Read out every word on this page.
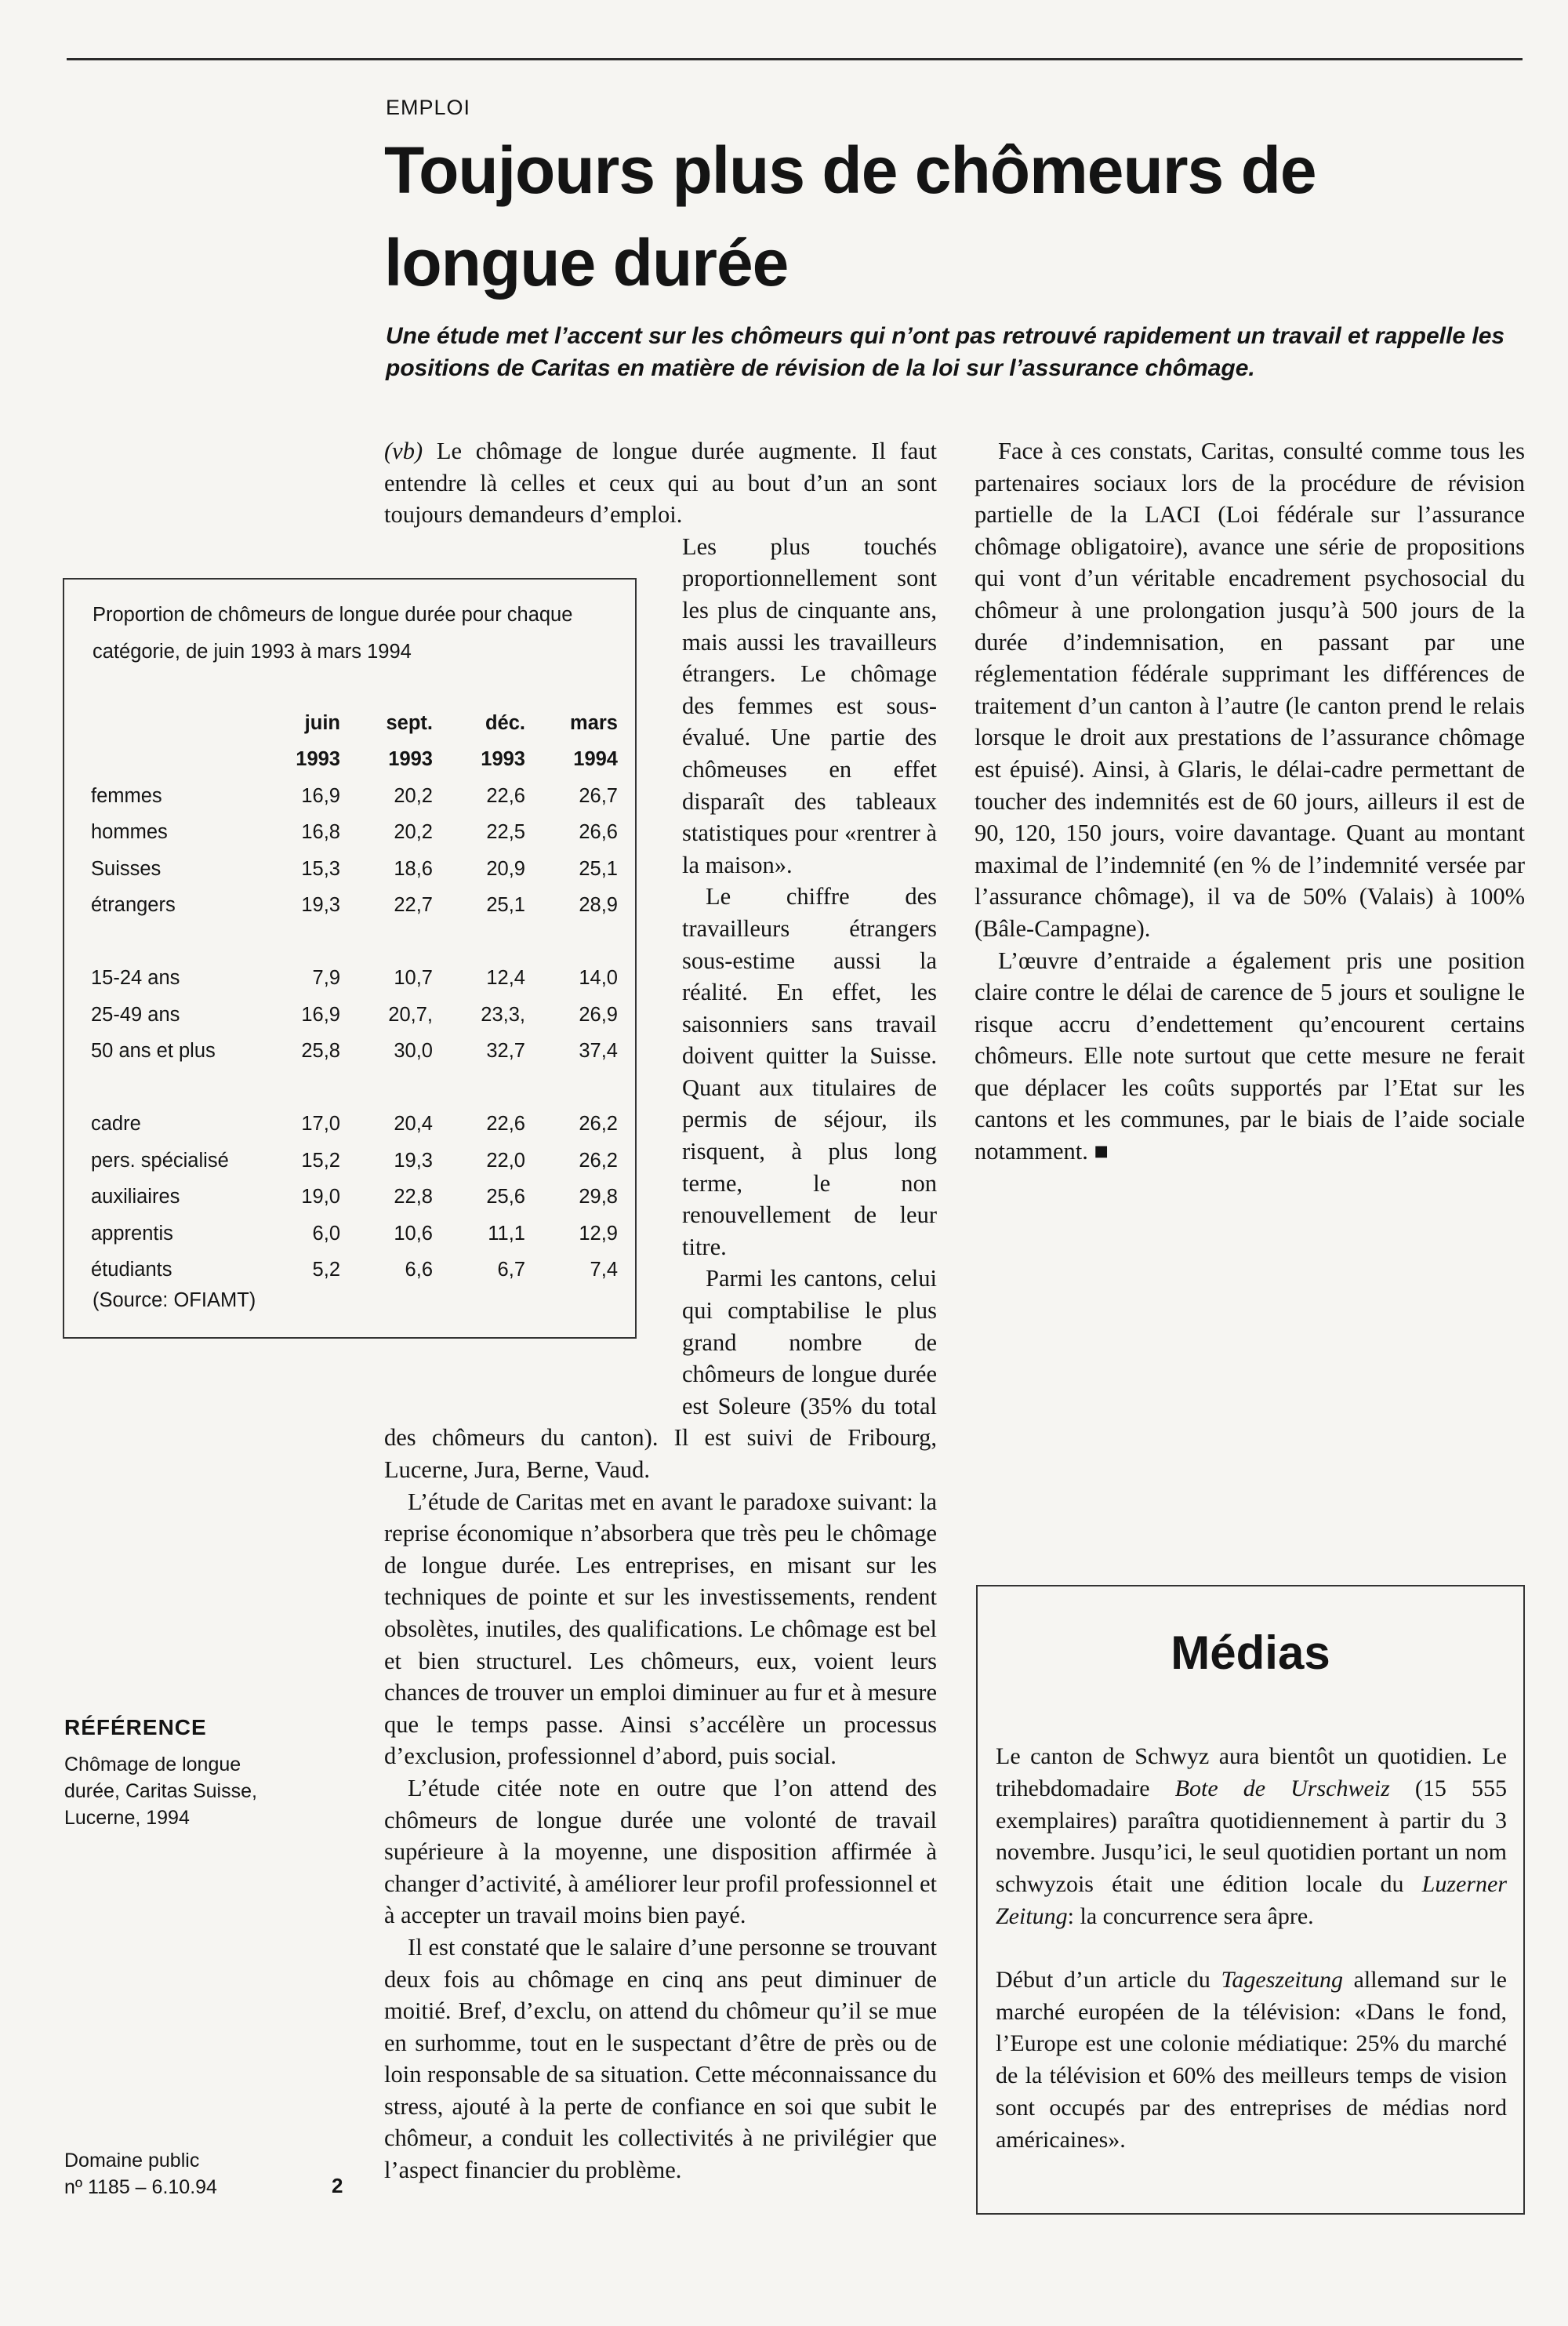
EMPLOI
Toujours plus de chômeurs de longue durée

Une étude met l’accent sur les chômeurs qui n’ont pas retrouvé rapidement un travail et rappelle les positions de Caritas en matière de révision de la loi sur l’assurance chômage.

(vb) Le chômage de longue durée augmente. Il faut entendre là celles et ceux qui au bout d’un an sont toujours demandeurs d’emploi.

Les plus touchés proportionnellement sont les plus de cinquante ans, mais aussi les travailleurs étrangers. Le chômage des femmes est sous-évalué. Une partie des chômeuses en effet disparaît des tableaux statistiques pour «rentrer à la maison».

Le chiffre des travailleurs étrangers sous-estime aussi la réalité. En effet, les saisonniers sans travail doivent quitter la Suisse. Quant aux titulaires de permis de séjour, ils risquent, à plus long terme, le non renouvellement de leur titre.

Parmi les cantons, celui qui comptabilise le plus grand nombre de chômeurs de longue durée est Soleure (35% du total des chômeurs du canton). Il est suivi de Fribourg, Lucerne, Jura, Berne, Vaud.

L’étude de Caritas met en avant le paradoxe suivant: la reprise économique n’absorbera que très peu le chômage de longue durée. Les entreprises, en misant sur les techniques de pointe et sur les investissements, rendent obsolètes, inutiles, des qualifications. Le chômage est bel et bien structurel. Les chômeurs, eux, voient leurs chances de trouver un emploi diminuer au fur et à mesure que le temps passe. Ainsi s’accélère un processus d’exclusion, professionnel d’abord, puis social.

L’étude citée note en outre que l’on attend des chômeurs de longue durée une volonté de travail supérieure à la moyenne, une disposition affirmée à changer d’activité, à améliorer leur profil professionnel et à accepter un travail moins bien payé.

Il est constaté que le salaire d’une personne se trouvant deux fois au chômage en cinq ans peut diminuer de moitié. Bref, d’exclu, on attend du chômeur qu’il se mue en surhomme, tout en le suspectant d’être de près ou de loin responsable de sa situation. Cette méconnaissance du stress, ajouté à la perte de confiance en soi que subit le chômeur, a conduit les collectivités à ne privilégier que l’aspect financier du problème.

Face à ces constats, Caritas, consulté comme tous les partenaires sociaux lors de la procédure de révision partielle de la LACI (Loi fédérale sur l’assurance chômage obligatoire), avance une série de propositions qui vont d’un véritable encadrement psychosocial du chômeur à une prolongation jusqu’à 500 jours de la durée d’indemnisation, en passant par une réglementation fédérale supprimant les différences de traitement d’un canton à l’autre (le canton prend le relais lorsque le droit aux prestations de l’assurance chômage est épuisé). Ainsi, à Glaris, le délai-cadre permettant de toucher des indemnités est de 60 jours, ailleurs il est de 90, 120, 150 jours, voire davantage. Quant au montant maximal de l’indemnité (en % de l’indemnité versée par l’assurance chômage), il va de 50% (Valais) à 100% (Bâle-Campagne).

L’œuvre d’entraide a également pris une position claire contre le délai de carence de 5 jours et souligne le risque accru d’endettement qu’encourent certains chômeurs. Elle note surtout que cette mesure ne ferait que déplacer les coûts supportés par l’Etat sur les cantons et les communes, par le biais de l’aide sociale notamment. ■

Proportion de chômeurs de longue durée pour chaque catégorie, de juin 1993 à mars 1994
	juin	sept.	déc.	mars
	1993	1993	1993	1994
femmes	16,9	20,2	22,6	26,7
hommes	16,8	20,2	22,5	26,6
Suisses	15,3	18,6	20,9	25,1
étrangers	19,3	22,7	25,1	28,9

15-24 ans	7,9	10,7	12,4	14,0
25-49 ans	16,9	20,7,	23,3,	26,9
50 ans et plus	25,8	30,0	32,7	37,4

cadre	17,0	20,4	22,6	26,2
pers. spécialisé	15,2	19,3	22,0	26,2
auxiliaires	19,0	22,8	25,6	29,8
apprentis	6,0	10,6	11,1	12,9
étudiants	5,2	6,6	6,7	7,4
(Source: OFIAMT)
RÉFÉRENCE
Chômage de longue durée, Caritas Suisse, Lucerne, 1994
Domaine public
nº 1185 – 6.10.94	2
Médias

Le canton de Schwyz aura bientôt un quotidien. Le trihebdomadaire Bote de Urschweiz (15 555 exemplaires) paraîtra quotidiennement à partir du 3 novembre. Jusqu’ici, le seul quotidien portant un nom schwyzois était une édition locale du Luzerner Zeitung: la concurrence sera âpre.

Début d’un article du Tageszeitung allemand sur le marché européen de la télévision: «Dans le fond, l’Europe est une colonie médiatique: 25% du marché de la télévision et 60% des meilleurs temps de vision sont occupés par des entreprises de médias nord américaines».
